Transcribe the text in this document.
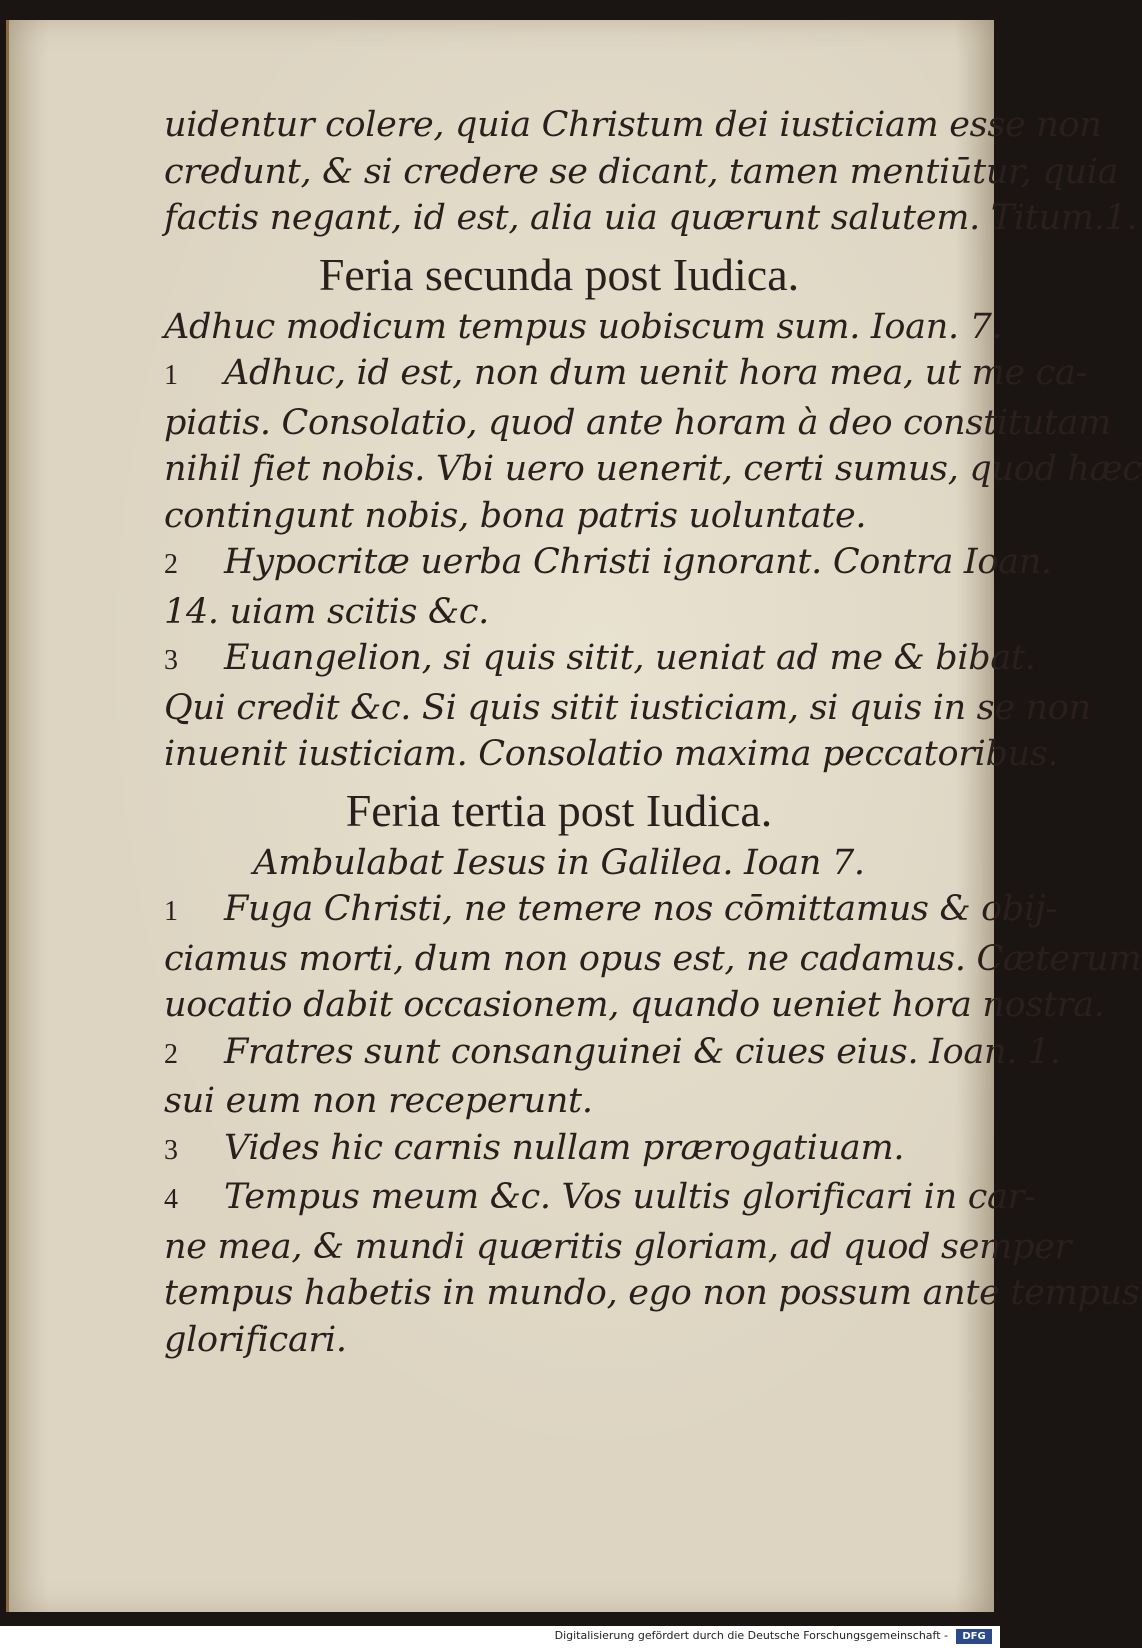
uidentur colere, quia Christum dei iusticiam esse non
credunt, & si credere se dicant, tamen mentiūtur, quia
factis negant, id est, alia uia quærunt salutem. Titum.1.
Feria secunda post Iudica.
Adhuc modicum tempus uobiscum sum. Ioan. 7.
1 Adhuc, id est, non dum uenit hora mea, ut me ca-
piatis. Consolatio, quod ante horam à deo constitutam
nihil fiet nobis. Vbi uero uenerit, certi sumus, quod hæc
contingunt nobis, bona patris uoluntate.
2 Hypocritæ uerba Christi ignorant. Contra Ioan.
14. uiam scitis &c.
3 Euangelion, si quis sitit, ueniat ad me & bibat.
Qui credit &c. Si quis sitit iusticiam, si quis in se non
inuenit iusticiam. Consolatio maxima peccatoribus.
Feria tertia post Iudica.
Ambulabat Iesus in Galilea. Ioan 7.
1 Fuga Christi, ne temere nos cōmittamus & obij-
ciamus morti, dum non opus est, ne cadamus. Cæterum
uocatio dabit occasionem, quando ueniet hora nostra.
2 Fratres sunt consanguinei & ciues eius. Ioan. 1.
sui eum non receperunt.
3 Vides hic carnis nullam prærogatiuam.
4 Tempus meum &c. Vos uultis glorificari in car-
ne mea, & mundi quæritis gloriam, ad quod semper
tempus habetis in mundo, ego non possum ante tempus
glorificari.
Digitalisierung gefördert durch die Deutsche Forschungsgemeinschaft -	DFG
